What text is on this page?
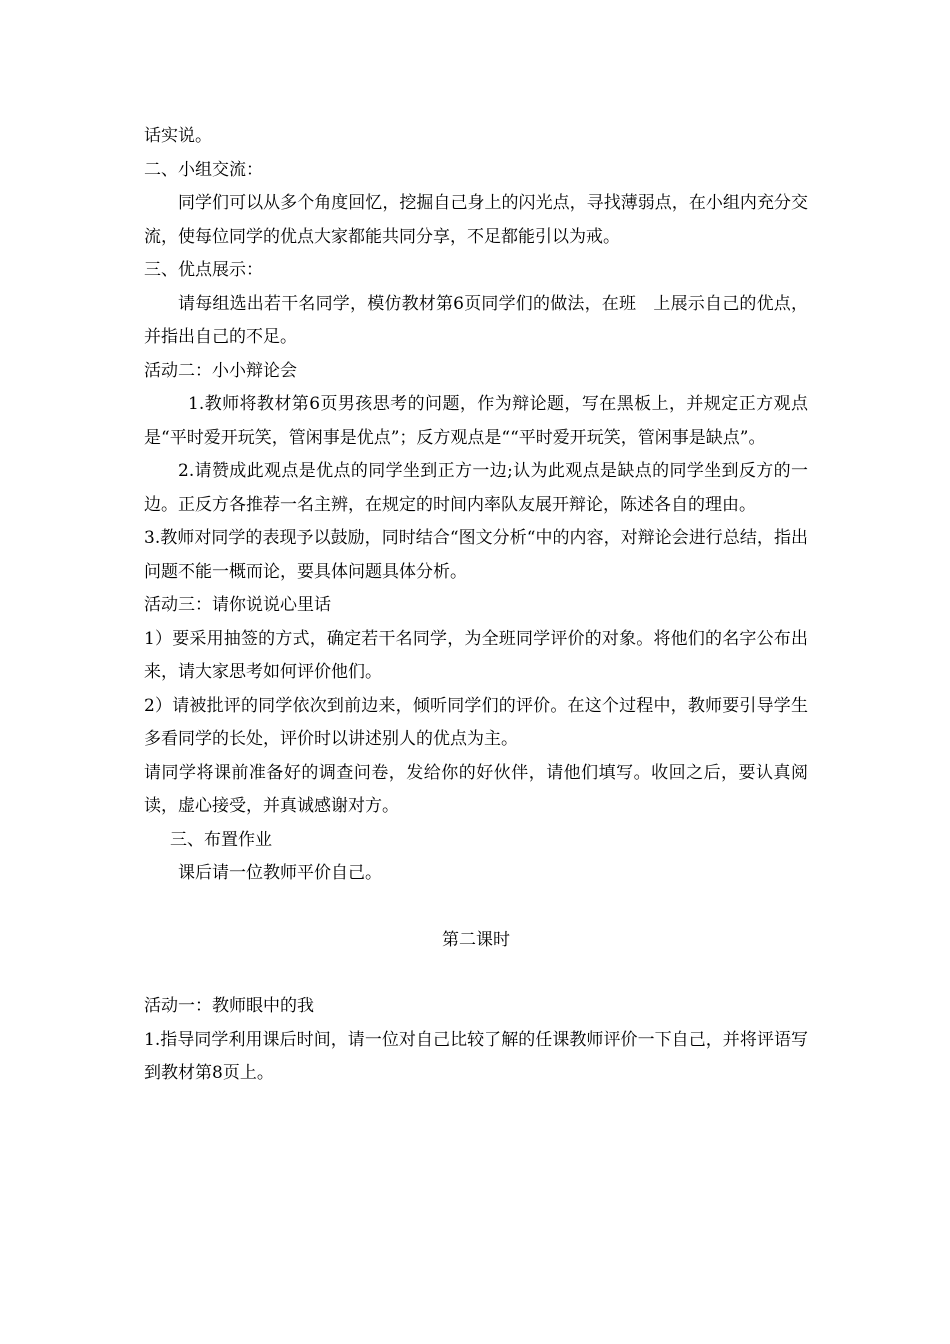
话实说。

二、小组交流：

同学们可以从多个角度回忆，挖掘自己身上的闪光点，寻找薄弱点，在小组内充分交流，使每位同学的优点大家都能共同分享，不足都能引以为戒。

三、优点展示：

请每组选出若干名同学，模仿教材第6页同学们的做法，在班　上展示自己的优点，并指出自己的不足。

活动二：小小辩论会

1.教师将教材第6页男孩思考的问题，作为辩论题，写在黑板上，并规定正方观点是“平时爱开玩笑，管闲事是优点”；反方观点是““平时爱开玩笑，管闲事是缺点”。

2.请赞成此观点是优点的同学坐到正方一边;认为此观点是缺点的同学坐到反方的一边。正反方各推荐一名主辨，在规定的时间内率队友展开辩论，陈述各自的理由。

3.教师对同学的表现予以鼓励，同时结合“图文分析“中的内容，对辩论会进行总结，指出问题不能一概而论，要具体问题具体分析。

活动三：请你说说心里话

1）要采用抽签的方式，确定若干名同学，为全班同学评价的对象。将他们的名字公布出来，请大家思考如何评价他们。

2）请被批评的同学依次到前边来，倾听同学们的评价。在这个过程中，教师要引导学生多看同学的长处，评价时以讲述别人的优点为主。

请同学将课前准备好的调查问卷，发给你的好伙伴，请他们填写。收回之后，要认真阅读，虚心接受，并真诚感谢对方。

三、布置作业

课后请一位教师平价自己。

第二课时

活动一：教师眼中的我

1.指导同学利用课后时间，请一位对自己比较了解的任课教师评价一下自己，并将评语写到教材第8页上。
